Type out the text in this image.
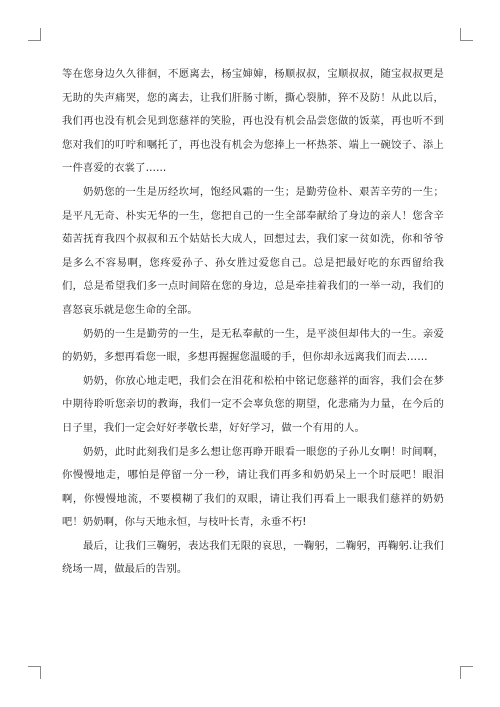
等在您身边久久徘徊，不愿离去，杨宝婶婶，杨顺叔叔，宝顺叔叔，随宝叔叔更是无助的失声痛哭，您的离去，让我们肝肠寸断，撕心裂肺，猝不及防！从此以后，我们再也没有机会见到您慈祥的笑脸，再也没有机会品尝您做的饭菜，再也听不到您对我们的叮咛和嘱托了，再也没有机会为您捧上一杯热茶、端上一碗饺子、添上一件喜爱的衣裳了……

奶奶您的一生是历经坎坷，饱经风霜的一生；是勤劳俭朴、艰苦辛劳的一生；是平凡无奇、朴实无华的一生，您把自己的一生全部奉献给了身边的亲人！您含辛茹苦抚育我四个叔叔和五个姑姑长大成人，回想过去，我们家一贫如洗，你和爷爷是多么不容易啊，您疼爱孙子、孙女胜过爱您自己。总是把最好吃的东西留给我们，总是希望我们多一点时间陪在您的身边，总是牵挂着我们的一举一动，我们的喜怒哀乐就是您生命的全部。

奶奶的一生是勤劳的一生，是无私奉献的一生，是平淡但却伟大的一生。亲爱的奶奶，多想再看您一眼，多想再握握您温暖的手，但你却永远离我们而去……

奶奶，你放心地走吧，我们会在泪花和松柏中铭记您慈祥的面容，我们会在梦中期待聆听您亲切的教诲，我们一定不会辜负您的期望，化悲痛为力量，在今后的日子里，我们一定会好好孝敬长辈，好好学习，做一个有用的人。

奶奶，此时此刻我们是多么想让您再睁开眼看一眼您的子孙儿女啊！时间啊，你慢慢地走，哪怕是停留一分一秒，请让我们再多和奶奶呆上一个时辰吧！眼泪啊，你慢慢地流，不要模糊了我们的双眼，请让我们再看上一眼我们慈祥的奶奶吧！奶奶啊，你与天地永恒，与枝叶长青，永垂不朽!

最后，让我们三鞠躬，表达我们无限的哀思，一鞠躬，二鞠躬，再鞠躬.让我们绕场一周，做最后的告别。
